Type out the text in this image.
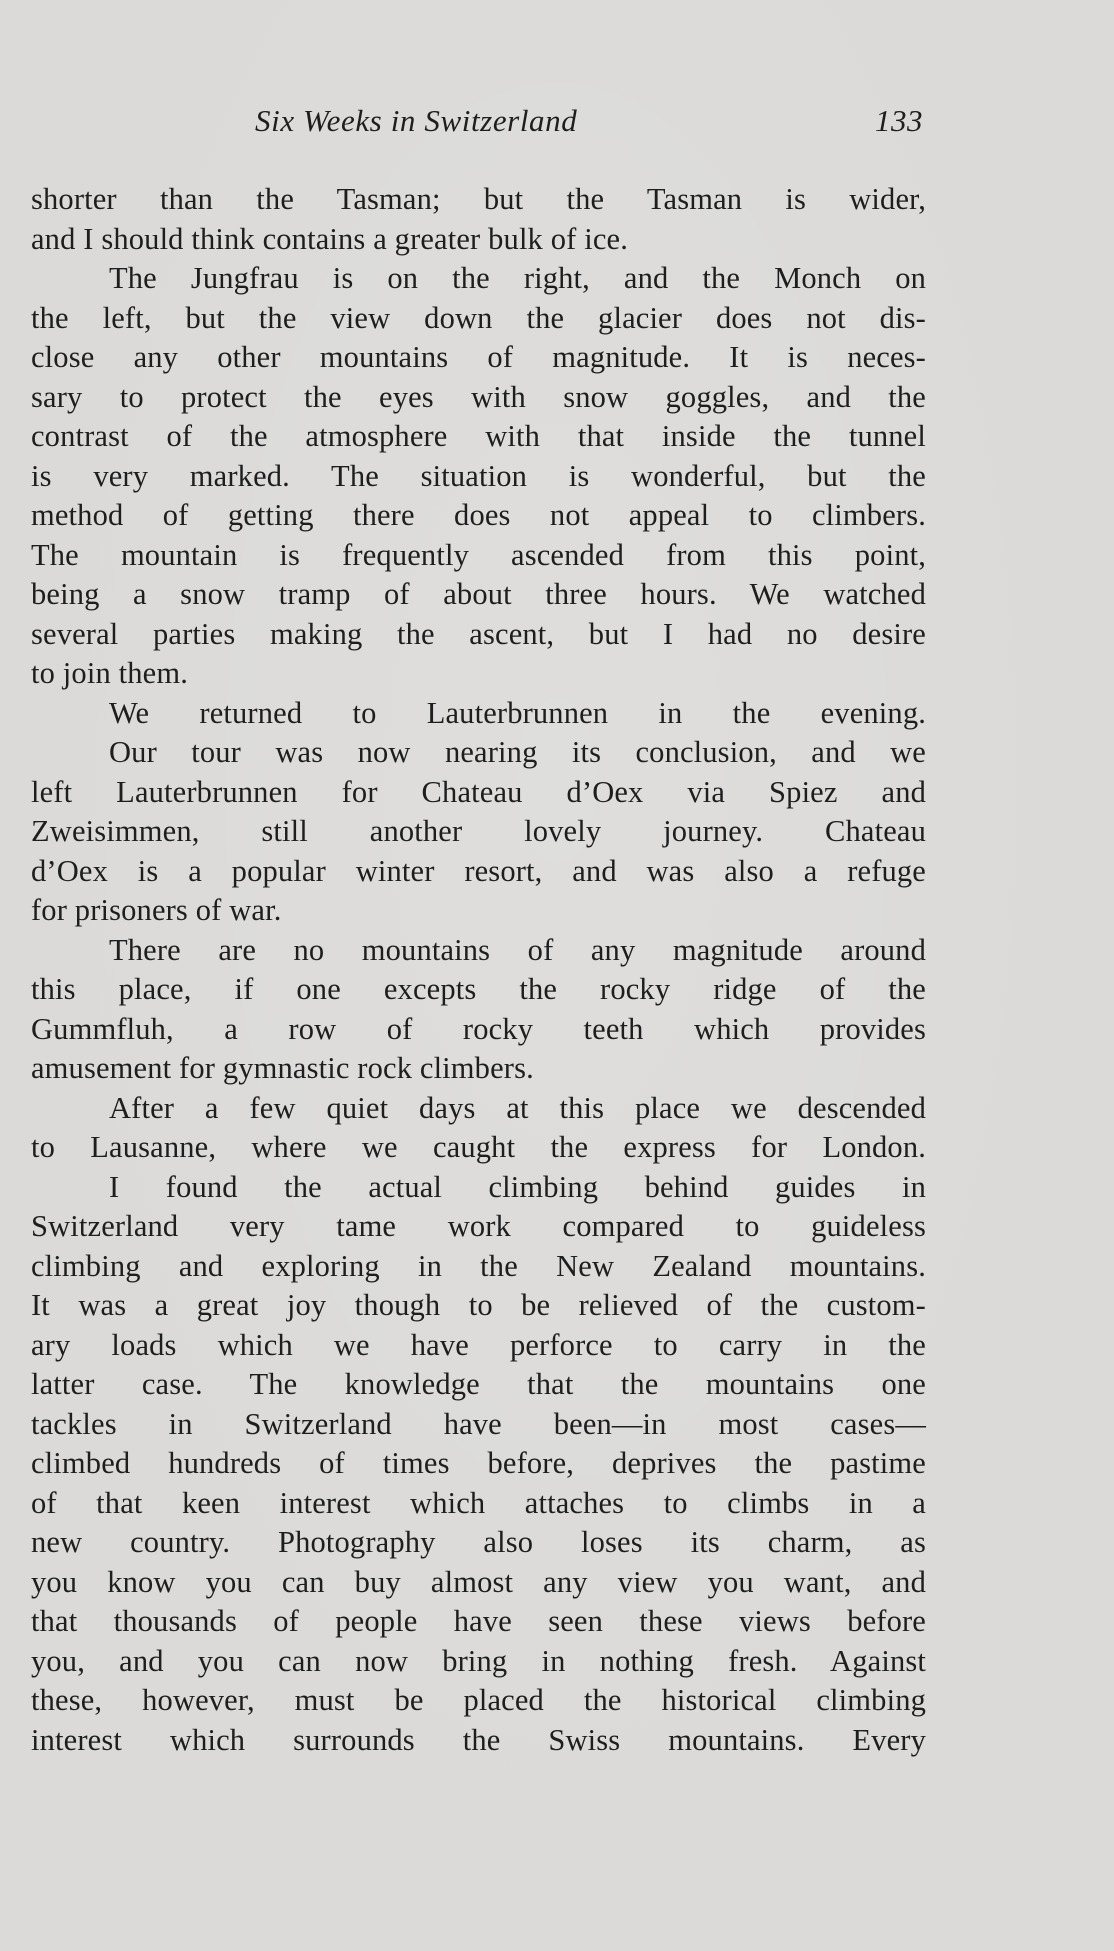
Six Weeks in Switzerland	133
shorter than the Tasman; but the Tasman is wider,
and I should think contains a greater bulk of ice.
The Jungfrau is on the right, and the Monch on
the left, but the view down the glacier does not dis-
close any other mountains of magnitude. It is neces-
sary to protect the eyes with snow goggles, and the
contrast of the atmosphere with that inside the tunnel
is very marked. The situation is wonderful, but the
method of getting there does not appeal to climbers.
The mountain is frequently ascended from this point,
being a snow tramp of about three hours. We watched
several parties making the ascent, but I had no desire
to join them.
We returned to Lauterbrunnen in the evening.
Our tour was now nearing its conclusion, and we
left Lauterbrunnen for Chateau d’Oex via Spiez and
Zweisimmen, still another lovely journey. Chateau
d’Oex is a popular winter resort, and was also a refuge
for prisoners of war.
There are no mountains of any magnitude around
this place, if one excepts the rocky ridge of the
Gummfluh, a row of rocky teeth which provides
amusement for gymnastic rock climbers.
After a few quiet days at this place we descended
to Lausanne, where we caught the express for London.
I found the actual climbing behind guides in
Switzerland very tame work compared to guideless
climbing and exploring in the New Zealand mountains.
It was a great joy though to be relieved of the custom-
ary loads which we have perforce to carry in the
latter case. The knowledge that the mountains one
tackles in Switzerland have been—in most cases—
climbed hundreds of times before, deprives the pastime
of that keen interest which attaches to climbs in a
new country. Photography also loses its charm, as
you know you can buy almost any view you want, and
that thousands of people have seen these views before
you, and you can now bring in nothing fresh. Against
these, however, must be placed the historical climbing
interest which surrounds the Swiss mountains. Every
